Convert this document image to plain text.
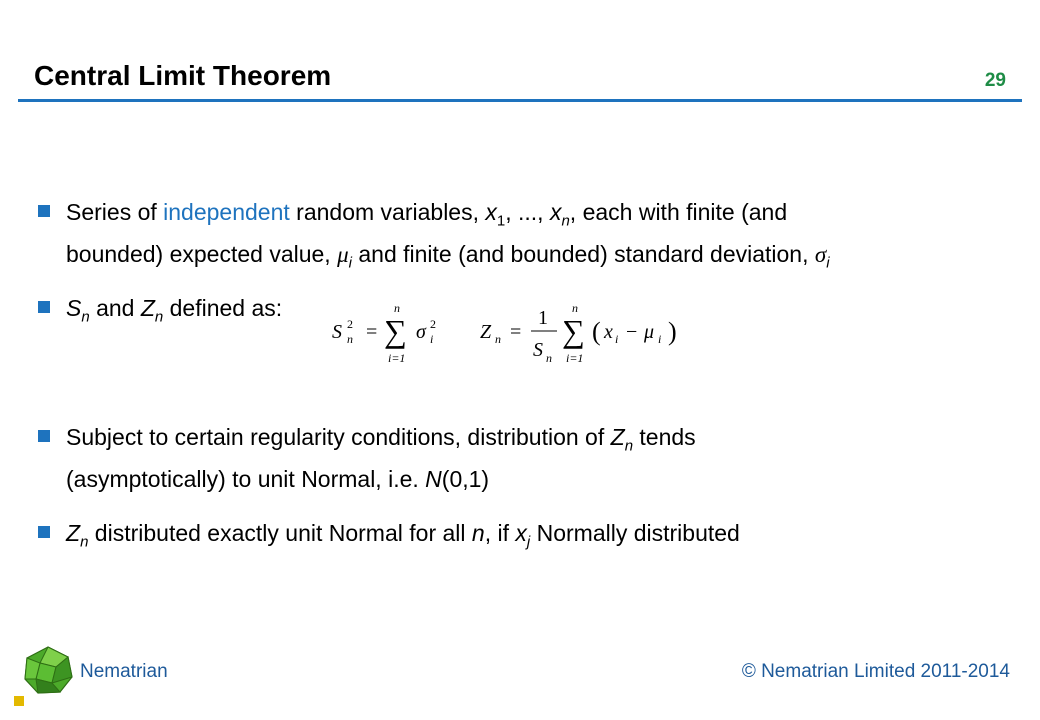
Central Limit Theorem	29
Series of independent random variables, $x_1$, ..., $x_n$, each with finite (and
bounded) expected value, $\mu_i$ and finite (and bounded) standard deviation, $\sigma_i$
$S_n$ and $Z_n$ defined as:
S 2
n = ∑
n
i=1
σ 2
i Z n =
1
S n
∑
n
i=1
( x i − μ i )
Subject to certain regularity conditions, distribution of $Z_n$ tends
(asymptotically) to unit Normal, i.e. N(0,1)
$Z_n$ distributed exactly unit Normal for all n, if $x_j$ Normally distributed
Nematrian	© Nematrian Limited 2011-2014
